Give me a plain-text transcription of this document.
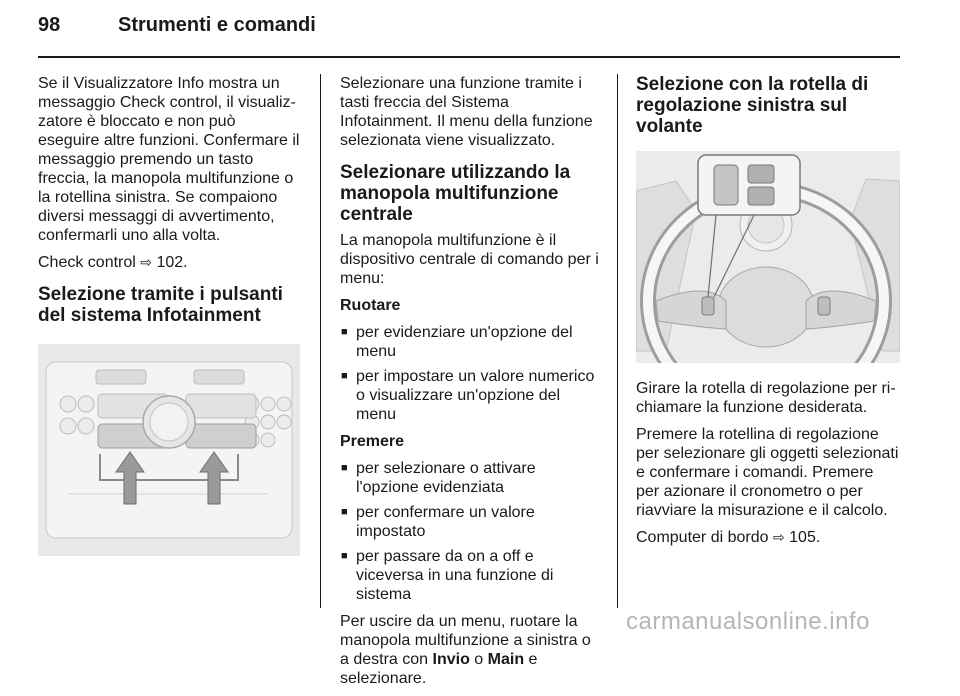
98	Strumenti e comandi

Se il Visualizzatore Info mostra un messaggio Check control, il visualizzatore è bloccato e non può eseguire altre funzioni. Confermare il messaggio premendo un tasto freccia, la manopola multifunzione o la rotellina sinistra. Se compaiono diversi messaggi di avvertimento, confermarli uno alla volta.

Check control ⇨ 102.

Selezione tramite i pulsanti del sistema Infotainment

Selezionare una funzione tramite i tasti freccia del Sistema Infotainment. Il menu della funzione selezionata viene visualizzato.

Selezionare utilizzando la manopola multifunzione centrale

La manopola multifunzione è il dispositivo centrale di comando per i menu:

Ruotare

■ per evidenziare un'opzione del menu
■ per impostare un valore numerico o visualizzare un'opzione del menu

Premere

■ per selezionare o attivare l'opzione evidenziata
■ per confermare un valore impostato
■ per passare da on a off e viceversa in una funzione di sistema

Per uscire da un menu, ruotare la manopola multifunzione a sinistra o a destra con Invio o Main e selezionare.

Selezione con la rotella di regolazione sinistra sul volante

Girare la rotella di regolazione per richiamare la funzione desiderata.

Premere la rotellina di regolazione per selezionare gli oggetti selezionati e confermare i comandi. Premere per azionare il cronometro o per riavviare la misurazione e il calcolo.

Computer di bordo ⇨ 105.

carmanualsonline.info
